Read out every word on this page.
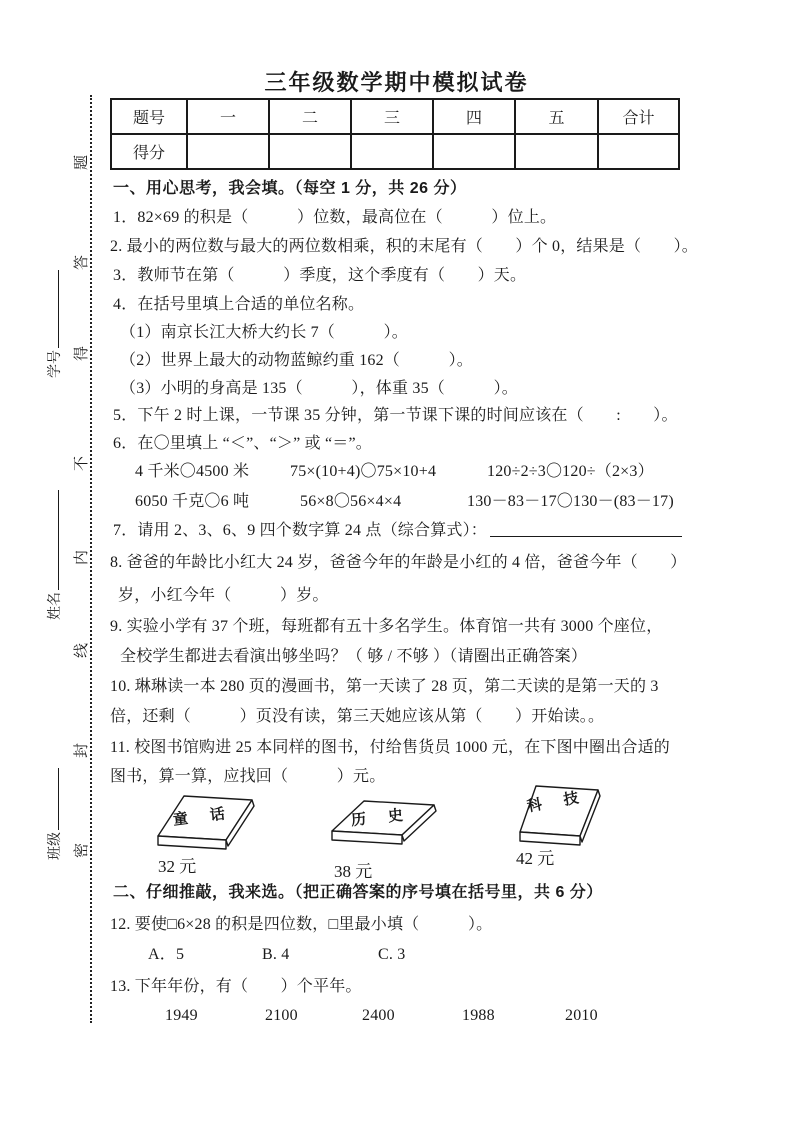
题
答
得
不
内
线
封
密
学号
姓名
班级
三年级数学期中模拟试卷
题号	一	二	三	四	五	合计
得分						
一、用心思考，我会填。（每空 1 分，共 26 分）
1．82×69 的积是（　　　）位数，最高位在（　　　）位上。
2. 最小的两位数与最大的两位数相乘，积的末尾有（　　）个 0，结果是（　　）。
3．教师节在第（　　　）季度，这个季度有（　　）天。
4．在括号里填上合适的单位名称。
（1）南京长江大桥大约长 7（　　　）。
（2）世界上最大的动物蓝鲸约重 162（　　　）。
（3）小明的身高是 135（　　　），体重 35（　　　）。
5．下午 2 时上课，一节课 35 分钟，第一节课下课的时间应该在（　　:　　）。
6．在〇里填上 “＜”、“＞” 或 “＝”。
4 千米〇4500 米	75×(10+4)〇75×10+4	120÷2÷3〇120÷（2×3）
6050 千克〇6 吨	56×8〇56×4×4	130－83－17〇130－(83－17)
7．请用 2、3、6、9 四个数字算 24 点（综合算式）：
8. 爸爸的年龄比小红大 24 岁，爸爸今年的年龄是小红的 4 倍，爸爸今年（　　）
岁，小红今年（　　　）岁。
9. 实验小学有 37 个班，每班都有五十多名学生。体育馆一共有 3000 个座位，
全校学生都进去看演出够坐吗？（ 够 / 不够 ）（请圈出正确答案）
10. 琳琳读一本 280 页的漫画书，第一天读了 28 页，第二天读的是第一天的 3
倍，还剩（　　　）页没有读，第三天她应该从第（　　）开始读。。
11. 校图书馆购进 25 本同样的图书，付给售货员 1000 元，在下图中圈出合适的
图书，算一算，应找回（　　　）元。
二、仔细推敲，我来选。（把正确答案的序号填在括号里，共 6 分）
12. 要使□6×28 的积是四位数，□里最小填（　　　）。
A．5	B. 4	C. 3
13. 下年年份，有（　　）个平年。
1949	2100	2400	1988	2010
童 话
32 元
历 史
38 元
科 技
42 元
